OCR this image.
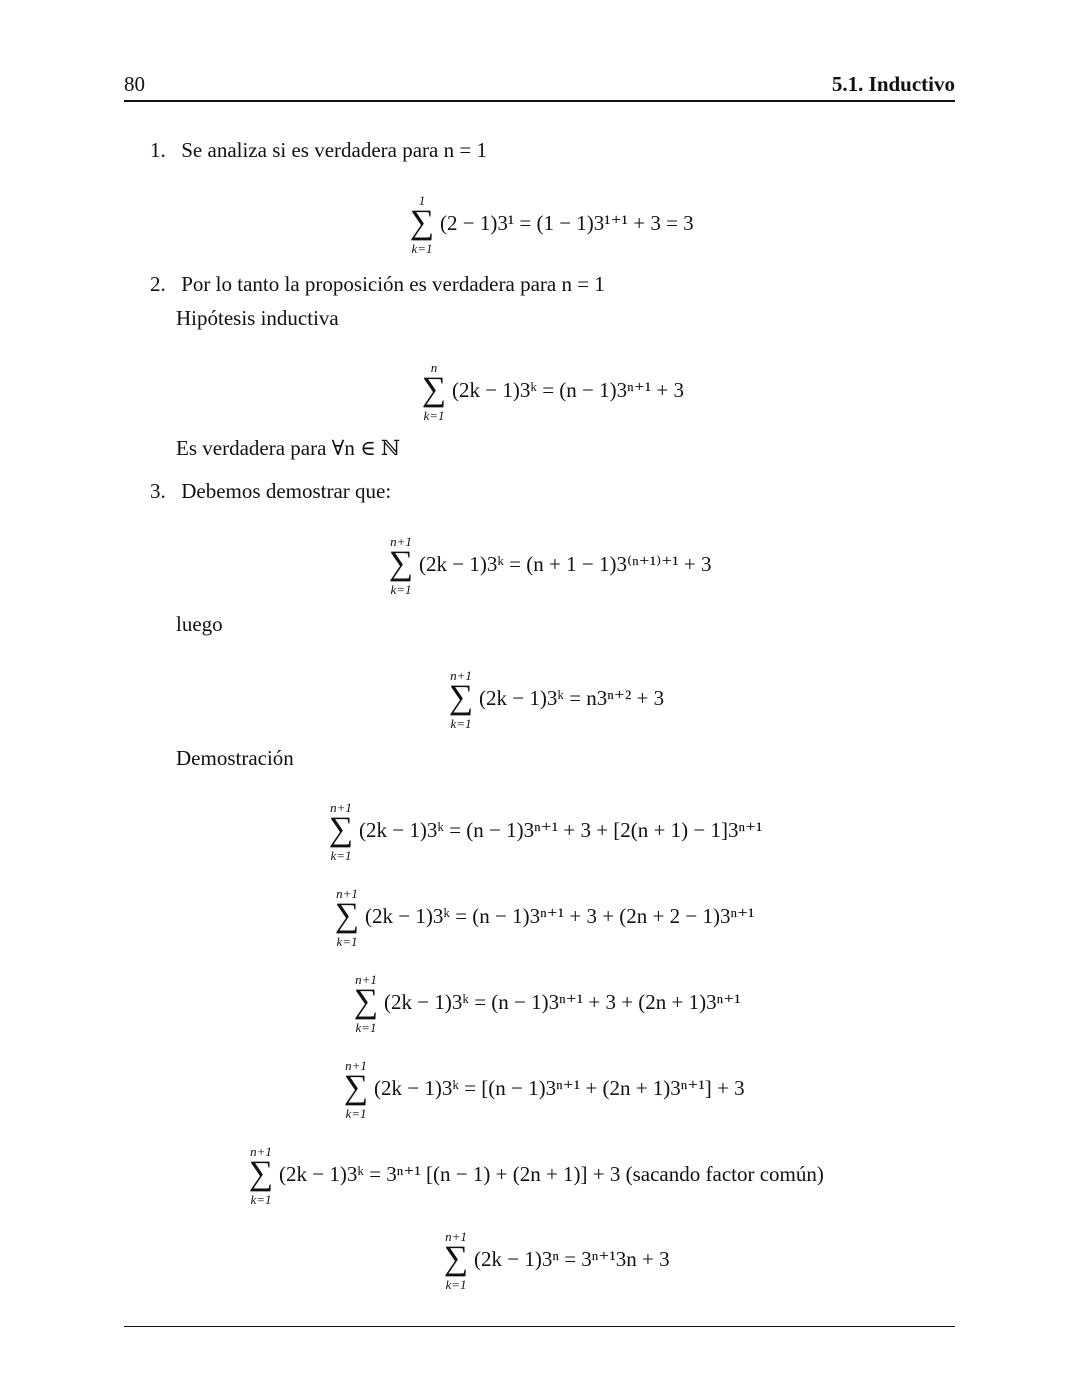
80	5.1. Inductivo
1. Se analiza si es verdadera para n = 1
1
∑
k=1
(2 − 1)3¹ = (1 − 1)3¹⁺¹ + 3 = 3
2. Por lo tanto la proposición es verdadera para n = 1
Hipótesis inductiva
n
∑
k=1
(2k − 1)3ᵏ = (n − 1)3ⁿ⁺¹ + 3
Es verdadera para ∀n ∈ ℕ
3. Debemos demostrar que:
n+1
∑
k=1
(2k − 1)3ᵏ = (n + 1 − 1)3⁽ⁿ⁺¹⁾⁺¹ + 3
luego
n+1
∑
k=1
(2k − 1)3ᵏ = n3ⁿ⁺² + 3
Demostración
n+1
∑
k=1
(2k − 1)3ᵏ = (n − 1)3ⁿ⁺¹ + 3 + [2(n + 1) − 1]3ⁿ⁺¹
n+1
∑
k=1
(2k − 1)3ᵏ = (n − 1)3ⁿ⁺¹ + 3 + (2n + 2 − 1)3ⁿ⁺¹
n+1
∑
k=1
(2k − 1)3ᵏ = (n − 1)3ⁿ⁺¹ + 3 + (2n + 1)3ⁿ⁺¹
n+1
∑
k=1
(2k − 1)3ᵏ = [(n − 1)3ⁿ⁺¹ + (2n + 1)3ⁿ⁺¹] + 3
n+1
∑
k=1
(2k − 1)3ᵏ = 3ⁿ⁺¹ [(n − 1) + (2n + 1)] + 3 (sacando factor común)
n+1
∑
k=1
(2k − 1)3ⁿ = 3ⁿ⁺¹3n + 3
